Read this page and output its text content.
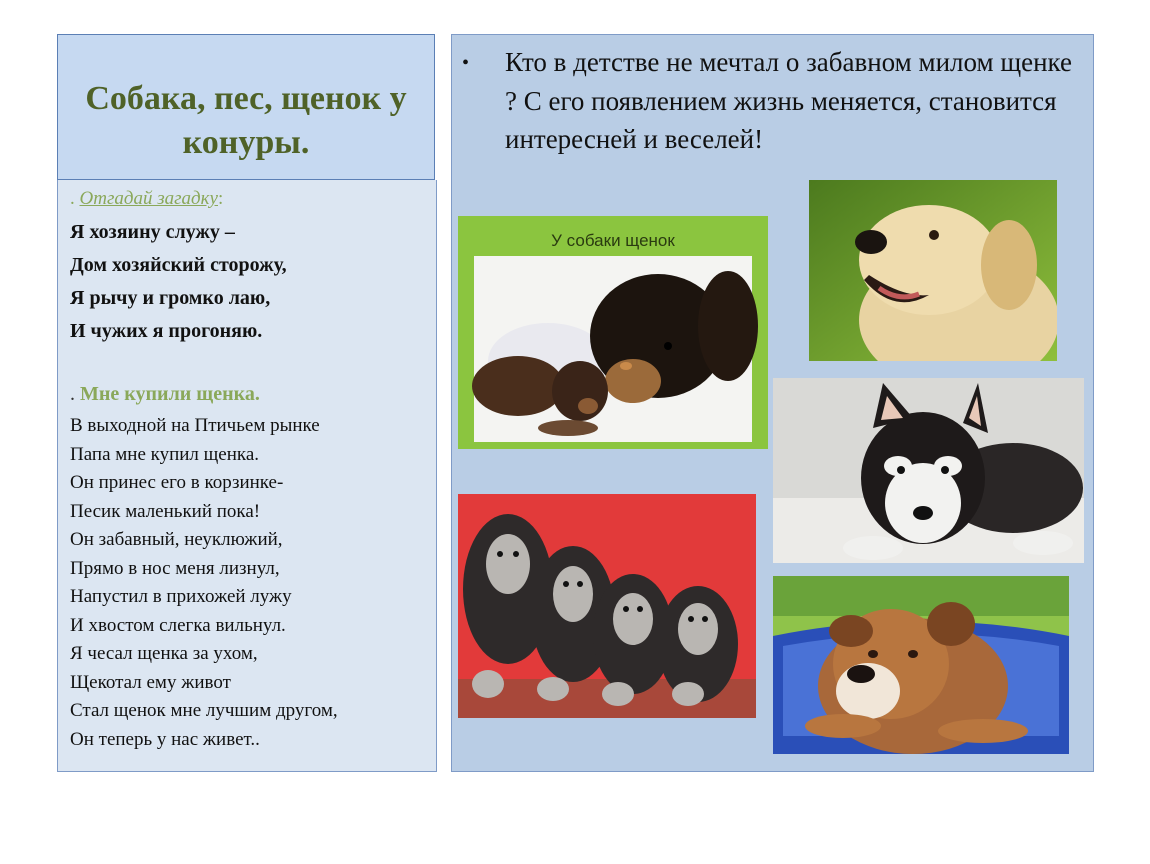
Собака, пес, щенок у конуры.
. Отгадай загадку:
Я хозяину служу –
Дом хозяйский сторожу,
Я рычу и громко лаю,
И чужих я прогоняю.
. Мне купили щенка.
В выходной на Птичьем рынке
Папа мне купил щенка.
Он принес его в корзинке-
Песик маленький пока!
Он забавный, неуклюжий,
Прямо в нос меня лизнул,
Напустил в прихожей лужу
И хвостом слегка вильнул.
Я чесал щенка за ухом,
Щекотал ему живот
Стал щенок мне лучшим другом,
Он теперь у нас живет..
• Кто в детстве не мечтал о забавном милом щенке ? С его появлением жизнь меняется, становится интересней и веселей!
У собаки щенок
